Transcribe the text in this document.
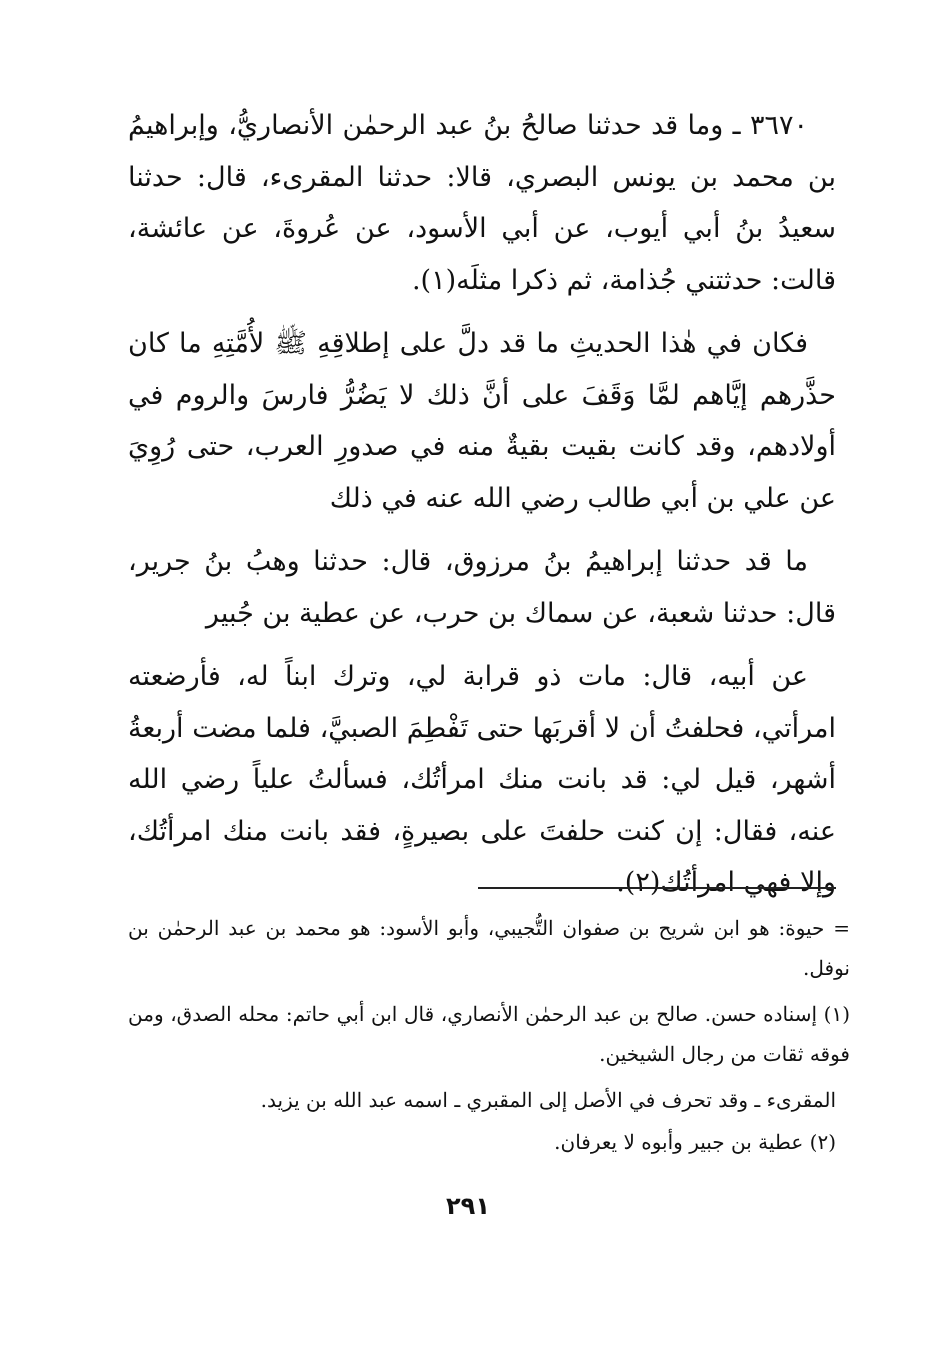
٣٦٧٠ ـ وما قد حدثنا صالحُ بنُ عبد الرحمٰن الأنصاريُّ، وإبراهيمُ بن محمد بن يونس البصري، قالا: حدثنا المقرىء، قال: حدثنا سعيدُ بنُ أبي أيوب، عن أبي الأسود، عن عُروةَ، عن عائشة، قالت: حدثتني جُذامة، ثم ذكرا مثلَه(١).

فكان في هٰذا الحديثِ ما قد دلَّ على إطلاقِهِ ﷺ لأُمَّتِهِ ما كان حذَّرهم إيَّاهم لمَّا وَقَفَ على أنَّ ذلك لا يَضُرُّ فارسَ والروم في أولادهم، وقد كانت بقيت بقيةٌ منه في صدورِ العرب، حتى رُوِيَ عن علي بن أبي طالب رضي الله عنه في ذلك

ما قد حدثنا إبراهيمُ بنُ مرزوق، قال: حدثنا وهبُ بنُ جرير، قال: حدثنا شعبة، عن سماك بن حرب، عن عطية بن جُبير

عن أبيه، قال: مات ذو قرابة لي، وترك ابناً له، فأرضعته امرأتي، فحلفتُ أن لا أقربَها حتى تَفْطِمَ الصبيَّ، فلما مضت أربعةُ أشهر، قيل لي: قد بانت منك امرأتُك، فسألتُ علياً رضي الله عنه، فقال: إن كنت حلفتَ على بصيرةٍ، فقد بانت منك امرأتُك، وإلا فهي امرأتُك(٢).

= حيوة: هو ابن شريح بن صفوان التُّجيبي، وأبو الأسود: هو محمد بن عبد الرحمٰن بن نوفل.

(١) إسناده حسن. صالح بن عبد الرحمٰن الأنصاري، قال ابن أبي حاتم: محله الصدق، ومن فوقه ثقات من رجال الشيخين.

المقرىء ـ وقد تحرف في الأصل إلى المقبري ـ اسمه عبد الله بن يزيد.

(٢) عطية بن جبير وأبوه لا يعرفان.

٢٩١
